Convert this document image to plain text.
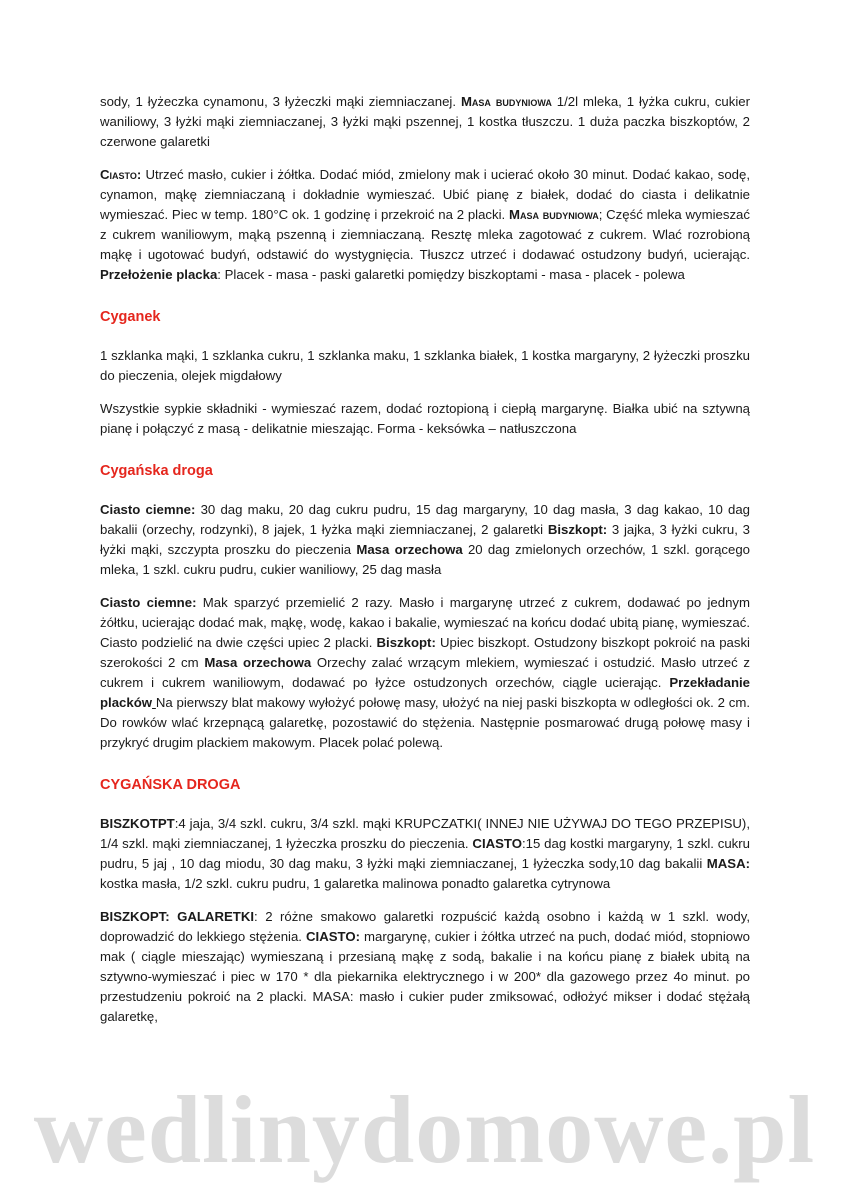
sody, 1 łyżeczka cynamonu, 3 łyżeczki mąki ziemniaczanej. Masa budyniowa 1/2l mleka, 1 łyżka cukru, cukier waniliowy, 3 łyżki mąki ziemniaczanej, 3 łyżki mąki pszennej, 1 kostka tłuszczu. 1 duża paczka biszkoptów, 2 czerwone galaretki

Ciasto: Utrzeć masło, cukier i żółtka. Dodać miód, zmielony mak i ucierać około 30 minut. Dodać kakao, sodę, cynamon, mąkę ziemniaczaną i dokładnie wymieszać. Ubić pianę z białek, dodać do ciasta i delikatnie wymieszać. Piec w temp. 180°C ok. 1 godzinę i przekroić na 2 placki. Masa budyniowa; Część mleka wymieszać z cukrem waniliowym, mąką pszenną i ziemniaczaną. Resztę mleka zagotować z cukrem. Wlać rozrobioną mąkę i ugotować budyń, odstawić do wystygnięcia. Tłuszcz utrzeć i dodawać ostudzony budyń, ucierając. Przełożenie placka: Placek - masa - paski galaretki pomiędzy biszkoptami - masa - placek - polewa

Cyganek

1 szklanka mąki, 1 szklanka cukru, 1 szklanka maku, 1 szklanka białek, 1 kostka margaryny, 2 łyżeczki proszku do pieczenia, olejek migdałowy

Wszystkie sypkie składniki - wymieszać razem, dodać roztopioną i ciepłą margarynę. Białka ubić na sztywną pianę i połączyć z masą - delikatnie mieszając. Forma - keksówka – natłuszczona

Cygańska droga

Ciasto ciemne: 30 dag maku, 20 dag cukru pudru, 15 dag margaryny, 10 dag masła, 3 dag kakao, 10 dag bakalii (orzechy, rodzynki), 8 jajek, 1 łyżka mąki ziemniaczanej, 2 galaretki Biszkopt: 3 jajka, 3 łyżki cukru, 3 łyżki mąki, szczypta proszku do pieczenia Masa orzechowa 20 dag zmielonych orzechów, 1 szkl. gorącego mleka, 1 szkl. cukru pudru, cukier waniliowy, 25 dag masła

Ciasto ciemne: Mak sparzyć przemielić 2 razy. Masło i margarynę utrzeć z cukrem, dodawać po jednym żółtku, ucierając dodać mak, mąkę, wodę, kakao i bakalie, wymieszać na końcu dodać ubitą pianę, wymieszać. Ciasto podzielić na dwie części upiec 2 placki. Biszkopt: Upiec biszkopt. Ostudzony biszkopt pokroić na paski szerokości 2 cm Masa orzechowa Orzechy zalać wrzącym mlekiem, wymieszać i ostudzić. Masło utrzeć z cukrem i cukrem waniliowym, dodawać po łyżce ostudzonych orzechów, ciągle ucierając. Przekładanie placków Na pierwszy blat makowy wyłożyć połowę masy, ułożyć na niej paski biszkopta w odległości ok. 2 cm. Do rowków wlać krzepnącą galaretkę, pozostawić do stężenia. Następnie posmarować drugą połowę masy i przykryć drugim plackiem makowym. Placek polać polewą.

CYGAŃSKA DROGA

BISZKOTPT:4 jaja, 3/4 szkl. cukru, 3/4 szkl. mąki KRUPCZATKI( INNEJ NIE UŻYWAJ DO TEGO PRZEPISU), 1/4 szkl. mąki ziemniaczanej, 1 łyżeczka proszku do pieczenia. CIASTO:15 dag kostki margaryny, 1 szkl. cukru pudru, 5 jaj , 10 dag miodu, 30 dag maku, 3 łyżki mąki ziemniaczanej, 1 łyżeczka sody,10 dag bakalii MASA: kostka masła, 1/2 szkl. cukru pudru, 1 galaretka malinowa ponadto galaretka cytrynowa

BISZKOPT: GALARETKI: 2 różne smakowo galaretki rozpuścić każdą osobno i każdą w 1 szkl. wody, doprowadzić do lekkiego stężenia. CIASTO: margarynę, cukier i żółtka utrzeć na puch, dodać miód, stopniowo mak ( ciągle mieszając) wymieszaną i przesianą mąkę z sodą, bakalie i na końcu pianę z białek ubitą na sztywno-wymieszać i piec w 170 * dla piekarnika elektrycznego i w 200* dla gazowego przez 4o minut. po przestudzeniu pokroić na 2 placki. MASA: masło i cukier puder zmiksować, odłożyć mikser i dodać stężałą galaretkę,

wedlinydomowe.pl
